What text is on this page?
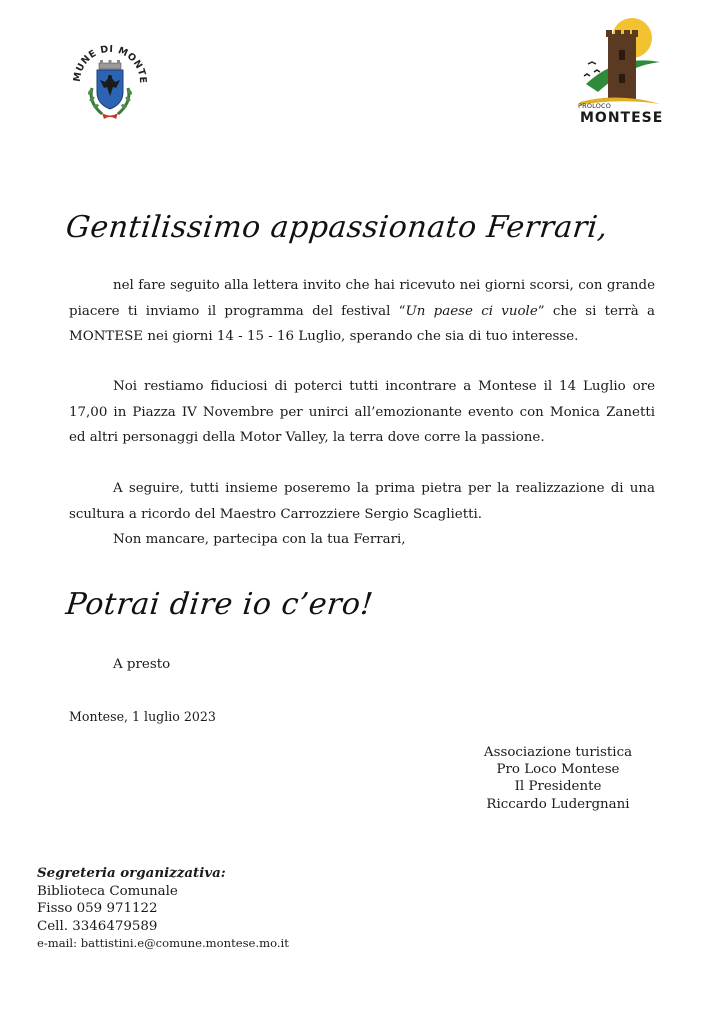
MUNE DI MONTE
PROLOCO
MONTESE
Gentilissimo appassionato Ferrari,

nel fare seguito alla lettera invito che hai ricevuto nei giorni scorsi, con grande piacere ti inviamo il programma del festival “Un paese ci vuole” che si terrà a MONTESE nei giorni 14 - 15 - 16 Luglio, sperando che sia di tuo interesse.

Noi restiamo fiduciosi di poterci tutti incontrare a Montese il 14 Luglio ore 17,00 in Piazza IV Novembre per unirci all’emozionante evento con Monica Zanetti ed altri personaggi della Motor Valley, la terra dove corre la passione.

A seguire, tutti insieme poseremo la prima pietra per la realizzazione di una scultura a ricordo del Maestro Carrozziere Sergio Scaglietti.

Non mancare, partecipa con la tua Ferrari,

Potrai dire io c’ero!
A presto
Montese, 1 luglio 2023
Associazione turistica
Pro Loco Montese
Il Presidente
Riccardo Ludergnani
Segreteria organizzativa:
Biblioteca Comunale
Fisso 059 971122
Cell. 3346479589
e-mail: battistini.e@comune.montese.mo.it
